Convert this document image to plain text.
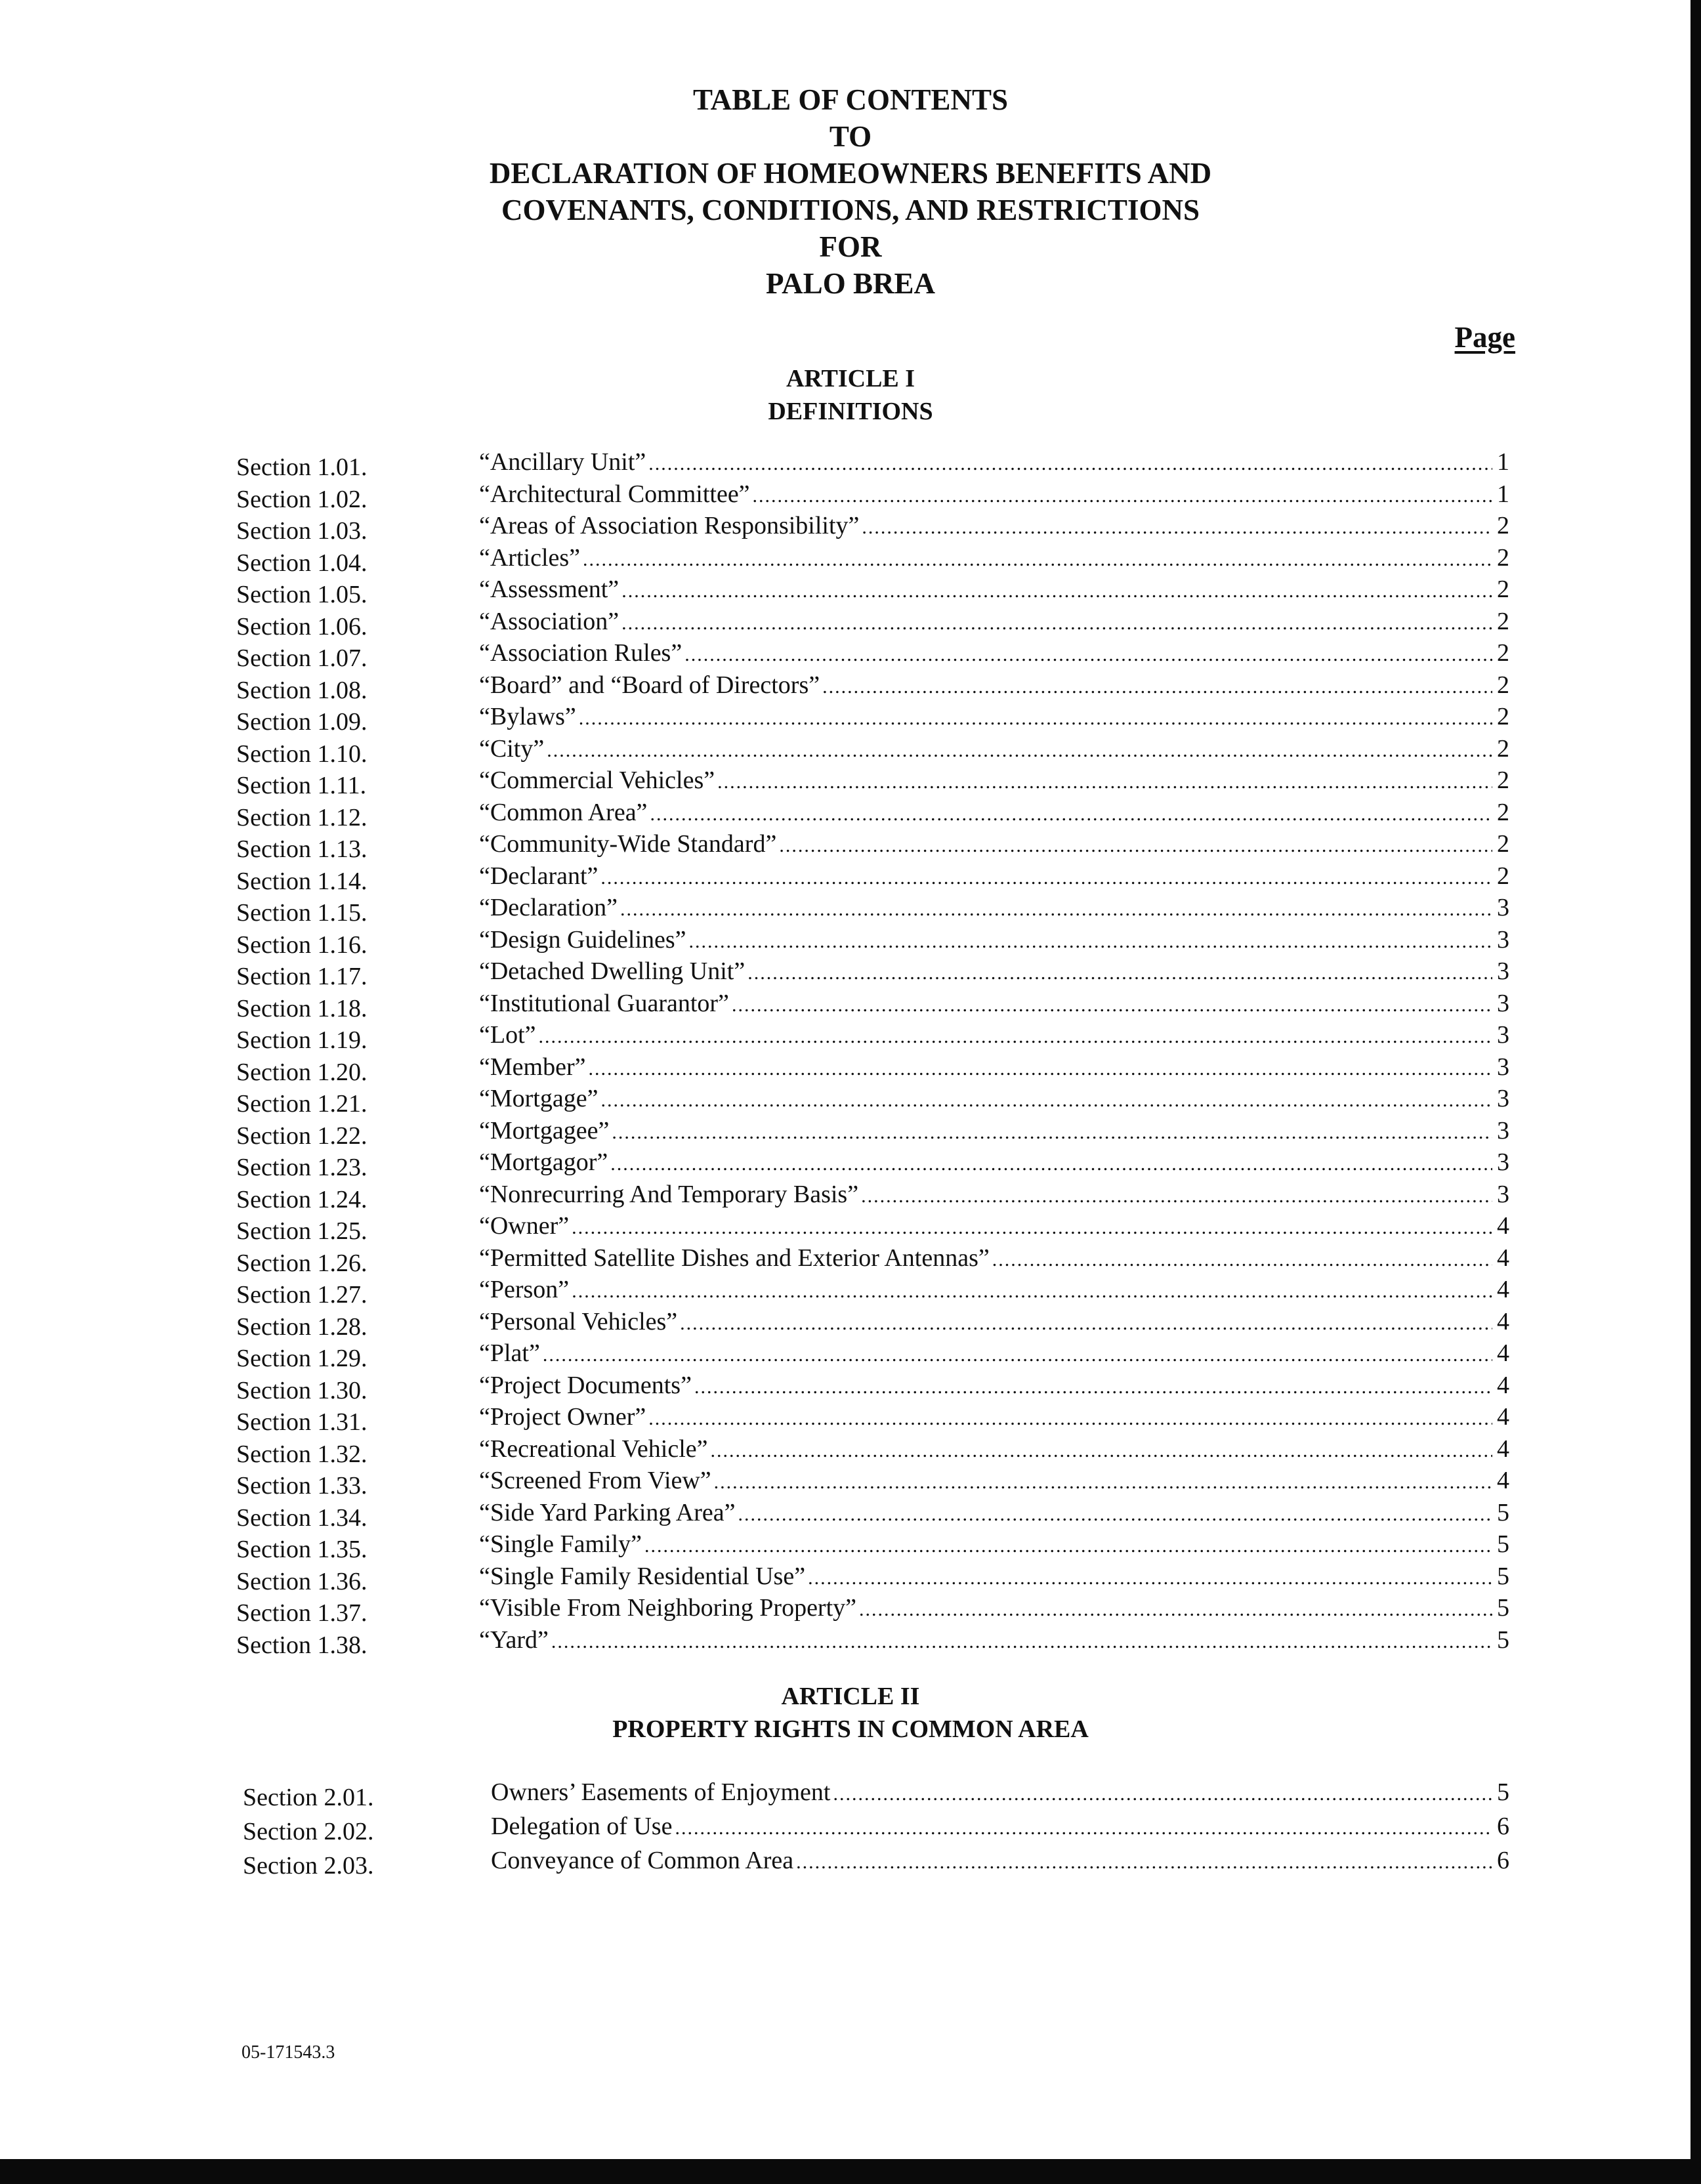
TABLE OF CONTENTS
TO
DECLARATION OF HOMEOWNERS BENEFITS AND
COVENANTS, CONDITIONS, AND RESTRICTIONS
FOR
PALO BREA
Page
ARTICLE I
DEFINITIONS
Section 1.01.	“Ancillary Unit” .....	1
Section 1.02.	“Architectural Committee” .....	1
Section 1.03.	“Areas of Association Responsibility” .....	2
Section 1.04.	“Articles” .....	2
Section 1.05.	“Assessment” .....	2
Section 1.06.	“Association” .....	2
Section 1.07.	“Association Rules” .....	2
Section 1.08.	“Board” and “Board of Directors” .....	2
Section 1.09.	“Bylaws” .....	2
Section 1.10.	“City” .....	2
Section 1.11.	“Commercial Vehicles” .....	2
Section 1.12.	“Common Area” .....	2
Section 1.13.	“Community-Wide Standard” .....	2
Section 1.14.	“Declarant” .....	2
Section 1.15.	“Declaration” .....	3
Section 1.16.	“Design Guidelines” .....	3
Section 1.17.	“Detached Dwelling Unit” .....	3
Section 1.18.	“Institutional Guarantor” .....	3
Section 1.19.	“Lot” .....	3
Section 1.20.	“Member” .....	3
Section 1.21.	“Mortgage” .....	3
Section 1.22.	“Mortgagee” .....	3
Section 1.23.	“Mortgagor” .....	3
Section 1.24.	“Nonrecurring And Temporary Basis” .....	3
Section 1.25.	“Owner” .....	4
Section 1.26.	“Permitted Satellite Dishes and Exterior Antennas” .....	4
Section 1.27.	“Person” .....	4
Section 1.28.	“Personal Vehicles” .....	4
Section 1.29.	“Plat” .....	4
Section 1.30.	“Project Documents” .....	4
Section 1.31.	“Project Owner” .....	4
Section 1.32.	“Recreational Vehicle” .....	4
Section 1.33.	“Screened From View” .....	4
Section 1.34.	“Side Yard Parking Area” .....	5
Section 1.35.	“Single Family” .....	5
Section 1.36.	“Single Family Residential Use” .....	5
Section 1.37.	“Visible From Neighboring Property” .....	5
Section 1.38.	“Yard” .....	5
ARTICLE II
PROPERTY RIGHTS IN COMMON AREA
Section 2.01.	Owners’ Easements of Enjoyment .....	5
Section 2.02.	Delegation of Use .....	6
Section 2.03.	Conveyance of Common Area .....	6
05-171543.3
